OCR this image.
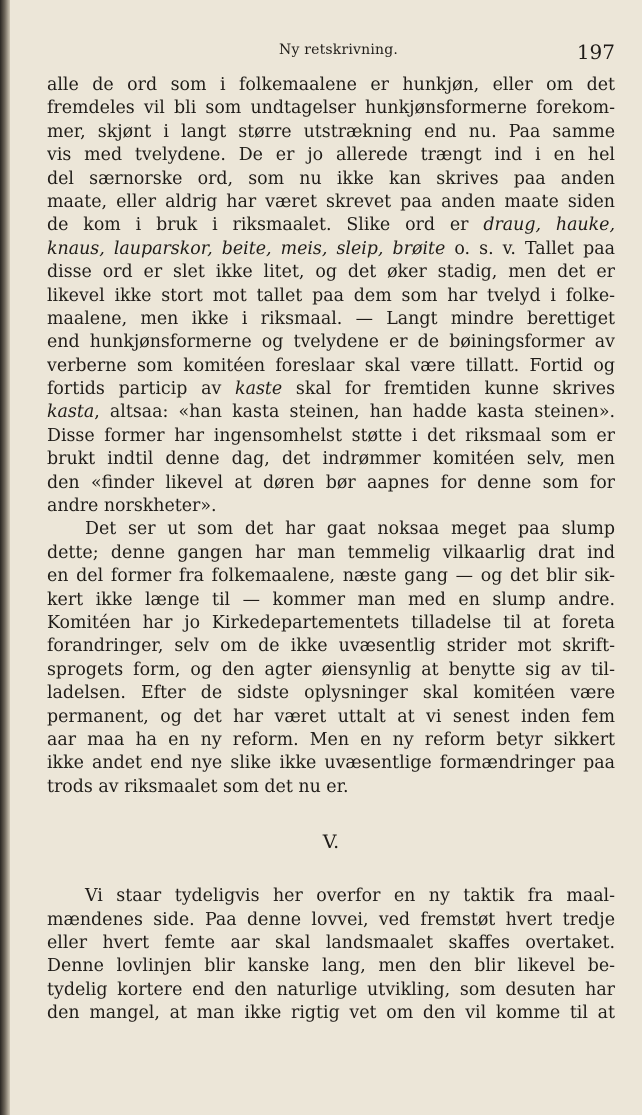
Ny retskrivning.	197
alle de ord som i folkemaalene er hunkjøn, eller om det
fremdeles vil bli som undtagelser hunkjønsformerne forekom-
mer, skjønt i langt større utstrækning end nu. Paa samme
vis med tvelydene. De er jo allerede trængt ind i en hel
del særnorske ord, som nu ikke kan skrives paa anden
maate, eller aldrig har været skrevet paa anden maate siden
de kom i bruk i riksmaalet. Slike ord er draug, hauke,
knaus, lauparskor, beite, meis, sleip, brøite o. s. v. Tallet paa
disse ord er slet ikke litet, og det øker stadig, men det er
likevel ikke stort mot tallet paa dem som har tvelyd i folke-
maalene, men ikke i riksmaal. — Langt mindre berettiget
end hunkjønsformerne og tvelydene er de bøiningsformer av
verberne som komitéen foreslaar skal være tillatt. Fortid og
fortids particip av kaste skal for fremtiden kunne skrives
kasta, altsaa: «han kasta steinen, han hadde kasta steinen».
Disse former har ingensomhelst støtte i det riksmaal som er
brukt indtil denne dag, det indrømmer komitéen selv, men
den «finder likevel at døren bør aapnes for denne som for
andre norskheter».
Det ser ut som det har gaat noksaa meget paa slump
dette; denne gangen har man temmelig vilkaarlig drat ind
en del former fra folkemaalene, næste gang — og det blir sik-
kert ikke længe til — kommer man med en slump andre.
Komitéen har jo Kirkedepartementets tilladelse til at foreta
forandringer, selv om de ikke uvæsentlig strider mot skrift-
sprogets form, og den agter øiensynlig at benytte sig av til-
ladelsen. Efter de sidste oplysninger skal komitéen være
permanent, og det har været uttalt at vi senest inden fem
aar maa ha en ny reform. Men en ny reform betyr sikkert
ikke andet end nye slike ikke uvæsentlige formændringer paa
trods av riksmaalet som det nu er.
V.
Vi staar tydeligvis her overfor en ny taktik fra maal-
mændenes side. Paa denne lovvei, ved fremstøt hvert tredje
eller hvert femte aar skal landsmaalet skaffes overtaket.
Denne lovlinjen blir kanske lang, men den blir likevel be-
tydelig kortere end den naturlige utvikling, som desuten har
den mangel, at man ikke rigtig vet om den vil komme til at
